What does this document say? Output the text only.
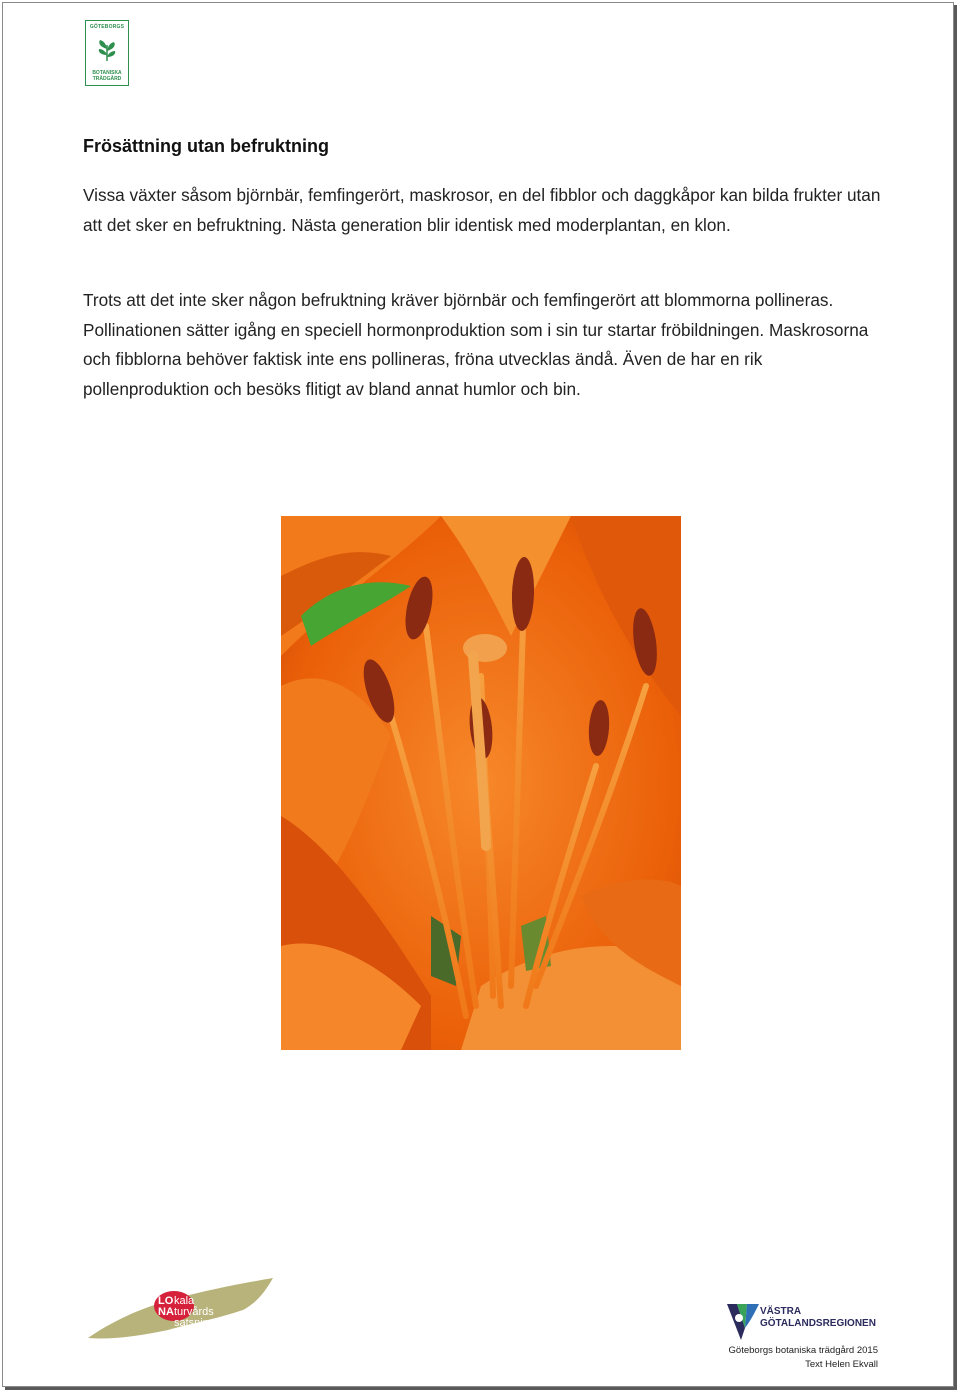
GÖTEBORGS
BOTANISKA
TRÄDGÅRD
Frösättning utan befruktning

Vissa växter såsom björnbär, femfingerört, maskrosor, en del fibblor och daggkåpor kan bilda frukter utan att det sker en befruktning. Nästa generation blir identisk med moderplantan, en klon.

Trots att det inte sker någon befruktning kräver björnbär och femfingerört att blommorna pollineras. Pollinationen sätter igång en speciell hormonproduktion som i sin tur startar fröbildningen. Maskrosorna och fibblorna behöver faktisk inte ens pollineras, fröna utvecklas ändå. Även de har en rik pollenproduktion och besöks flitigt av bland annat humlor och bin.

LO kala
NA turvårds
satsningen
VÄSTRA
GÖTALANDSREGIONEN
Göteborgs botaniska trädgård 2015
Text Helen Ekvall
